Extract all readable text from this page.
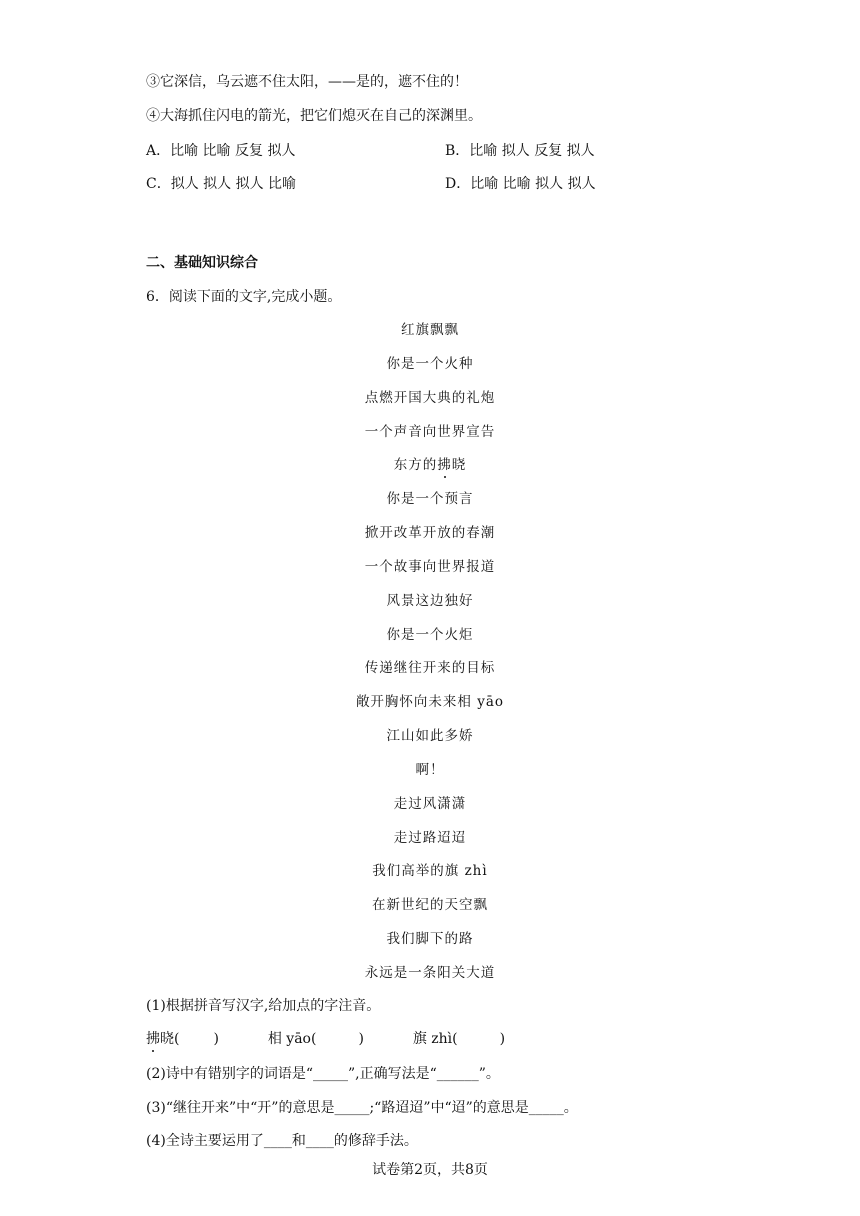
③它深信，乌云遮不住太阳，——是的，遮不住的！
④大海抓住闪电的箭光，把它们熄灭在自己的深渊里。
A．比喻 比喻 反复 拟人	B．比喻 拟人 反复 拟人
C．拟人 拟人 拟人 比喻	D．比喻 比喻 拟人 拟人
二、基础知识综合
6．阅读下面的文字,完成小题。
红旗飘飘
你是一个火种
点燃开国大典的礼炮
一个声音向世界宣告
东方的拂晓
你是一个预言
掀开改革开放的春潮
一个故事向世界报道
风景这边独好
你是一个火炬
传递继往开来的目标
敞开胸怀向未来相 yāo
江山如此多娇
啊！
走过风潇潇
走过路迢迢
我们高举的旗 zhì
在新世纪的天空飘
我们脚下的路
永远是一条阳关大道
(1)根据拼音写汉字,给加点的字注音。
拂晓( )	相 yāo(	)	旗 zhì(	)
(2)诗中有错别字的词语是“_____”,正确写法是“______”。
(3)“继往开来”中“开”的意思是_____;“路迢迢”中“迢”的意思是_____。
(4)全诗主要运用了____和____的修辞手法。
试卷第2页，共8页
